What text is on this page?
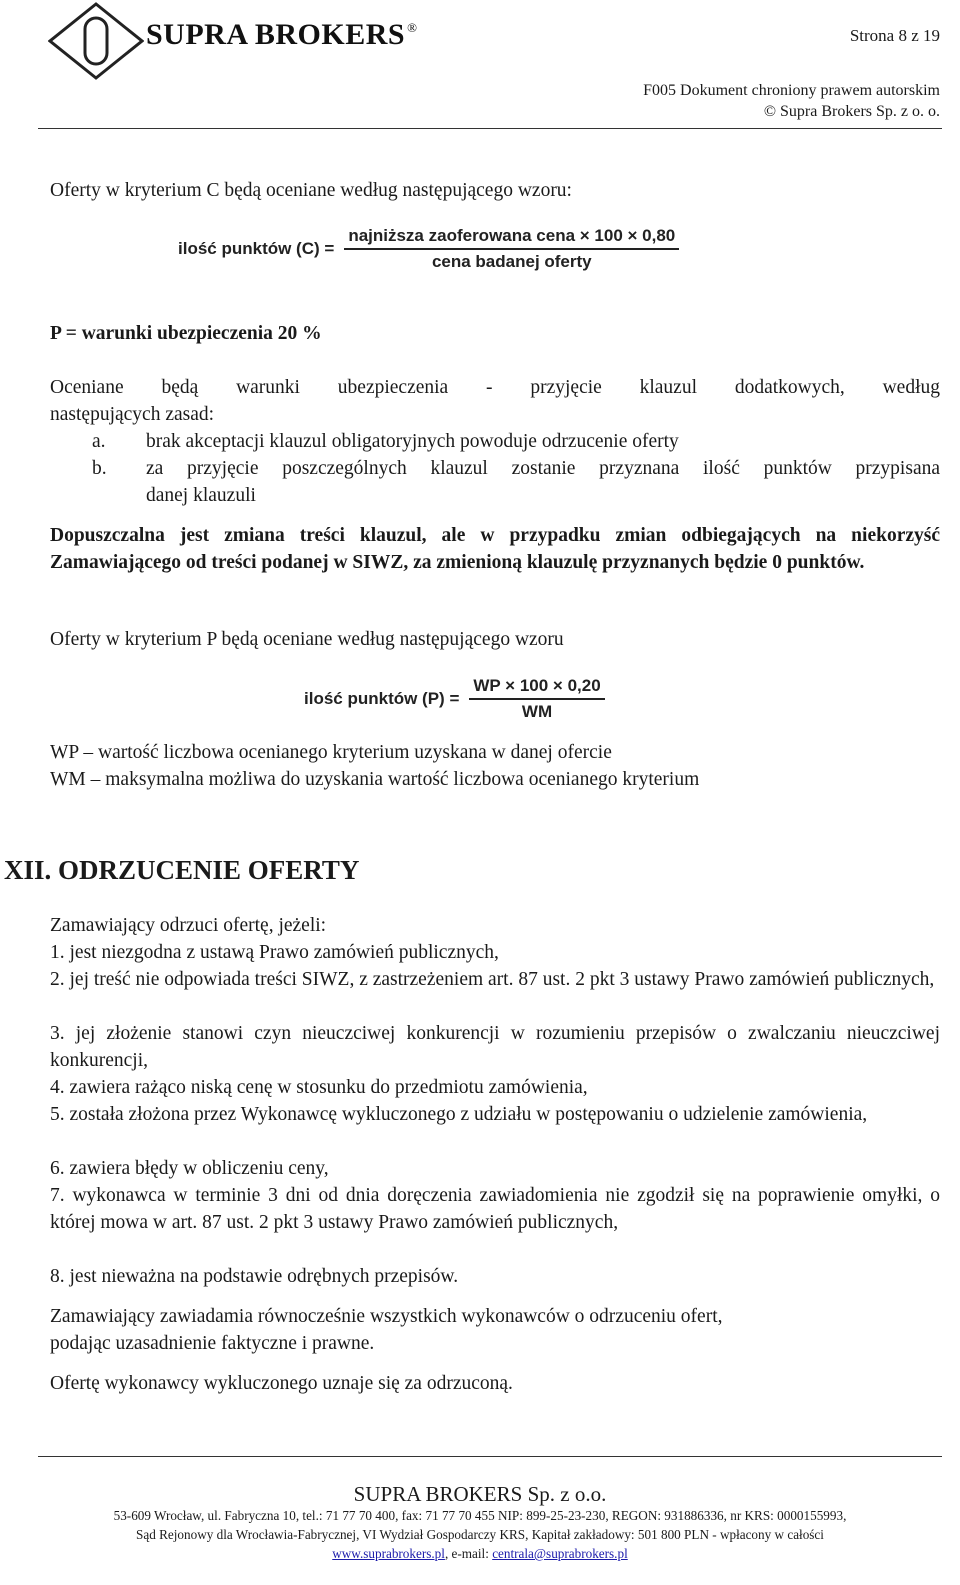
SUPRA BROKERS ®	Strona 8 z 19
F005 Dokument chroniony prawem autorskim
© Supra Brokers Sp. z o. o.
Oferty w kryterium C będą oceniane według następującego wzoru:
ilość punktów $(C) = \frac{\text{najniższa zaoferowana cena × 100 × 0,80}}{\text{cena badanej oferty}}$
P = warunki ubezpieczenia 20 %
Oceniane będą warunki ubezpieczenia - przyjęcie klauzul dodatkowych, według
następujących zasad:
a. brak akceptacji klauzul obligatoryjnych powoduje odrzucenie oferty
b. za przyjęcie poszczególnych klauzul zostanie przyznana ilość punktów przypisana
danej klauzuli
Dopuszczalna jest zmiana treści klauzul, ale w przypadku zmian odbiegających na niekorzyść Zamawiającego od treści podanej w SIWZ, za zmienioną klauzulę przyznanych będzie 0 punktów.
Oferty w kryterium P będą oceniane według następującego wzoru
ilość punktów $(P) = \frac{WP \times 100 \times 0,20}{WM}$
WP – wartość liczbowa ocenianego kryterium uzyskana w danej ofercie
WM – maksymalna możliwa do uzyskania wartość liczbowa ocenianego kryterium
XII. ODRZUCENIE OFERTY
Zamawiający odrzuci ofertę, jeżeli:
1. jest niezgodna z ustawą Prawo zamówień publicznych,
2. jej treść nie odpowiada treści SIWZ, z zastrzeżeniem art. 87 ust. 2 pkt 3 ustawy Prawo zamówień publicznych,
3. jej złożenie stanowi czyn nieuczciwej konkurencji w rozumieniu przepisów o zwalczaniu nieuczciwej konkurencji,
4. zawiera rażąco niską cenę w stosunku do przedmiotu zamówienia,
5. została złożona przez Wykonawcę wykluczonego z udziału w postępowaniu o udzielenie zamówienia,
6. zawiera błędy w obliczeniu ceny,
7. wykonawca w terminie 3 dni od dnia doręczenia zawiadomienia nie zgodził się na poprawienie omyłki, o której mowa w art. 87 ust. 2 pkt 3 ustawy Prawo zamówień publicznych,
8. jest nieważna na podstawie odrębnych przepisów.
Zamawiający zawiadamia równocześnie wszystkich wykonawców o odrzuceniu ofert,
podając uzasadnienie faktyczne i prawne.
Ofertę wykonawcy wykluczonego uznaje się za odrzuconą.
SUPRA BROKERS Sp. z o.o.
53-609 Wrocław, ul. Fabryczna 10, tel.: 71 77 70 400, fax: 71 77 70 455 NIP: 899-25-23-230, REGON: 931886336, nr KRS: 0000155993,
Sąd Rejonowy dla Wrocławia-Fabrycznej, VI Wydział Gospodarczy KRS, Kapitał zakładowy: 501 800 PLN - wpłacony w całości
www.suprabrokers.pl, e-mail: centrala@suprabrokers.pl
